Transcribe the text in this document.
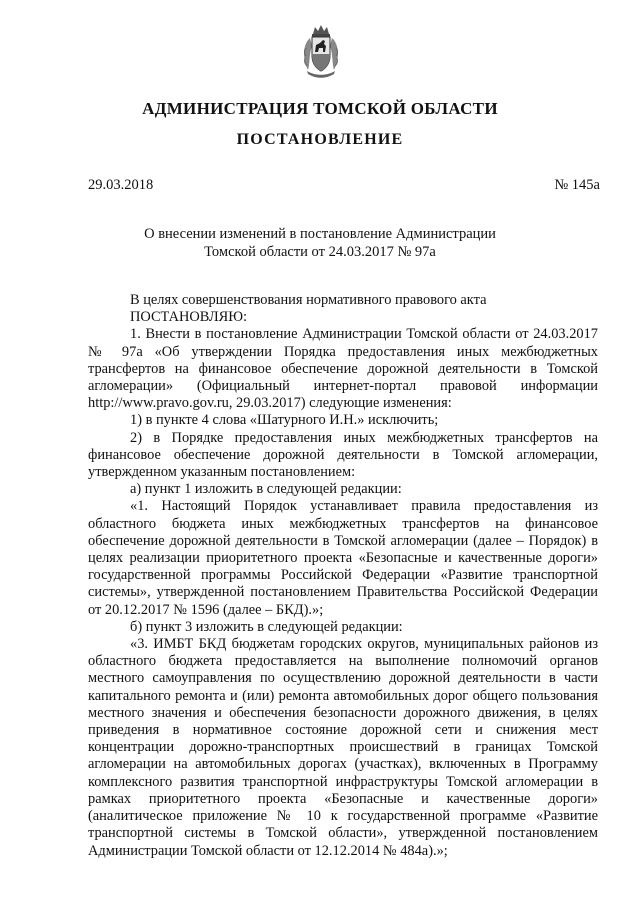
АДМИНИСТРАЦИЯ ТОМСКОЙ ОБЛАСТИ
ПОСТАНОВЛЕНИЕ
29.03.2018	№ 145а
О внесении изменений в постановление Администрации
Томской области от 24.03.2017 № 97а

В целях совершенствования нормативного правового акта

ПОСТАНОВЛЯЮ:

1. Внести в постановление Администрации Томской области от 24.03.2017 № 97а «Об утверждении Порядка предоставления иных межбюджетных трансфертов на финансовое обеспечение дорожной деятельности в Томской агломерации» (Официальный интернет-портал правовой информации http://www.pravo.gov.ru, 29.03.2017) следующие изменения:

1) в пункте 4 слова «Шатурного И.Н.» исключить;

2) в Порядке предоставления иных межбюджетных трансфертов на финансовое обеспечение дорожной деятельности в Томской агломерации, утвержденном указанным постановлением:

а) пункт 1 изложить в следующей редакции:

«1. Настоящий Порядок устанавливает правила предоставления из областного бюджета иных межбюджетных трансфертов на финансовое обеспечение дорожной деятельности в Томской агломерации (далее – Порядок) в целях реализации приоритетного проекта «Безопасные и качественные дороги» государственной программы Российской Федерации «Развитие транспортной системы», утвержденной постановлением Правительства Российской Федерации от 20.12.2017 № 1596 (далее – БКД).»;

б) пункт 3 изложить в следующей редакции:

«3. ИМБТ БКД бюджетам городских округов, муниципальных районов из областного бюджета предоставляется на выполнение полномочий органов местного самоуправления по осуществлению дорожной деятельности в части капитального ремонта и (или) ремонта автомобильных дорог общего пользования местного значения и обеспечения безопасности дорожного движения, в целях приведения в нормативное состояние дорожной сети и снижения мест концентрации дорожно-транспортных происшествий в границах Томской агломерации на автомобильных дорогах (участках), включенных в Программу комплексного развития транспортной инфраструктуры Томской агломерации в рамках приоритетного проекта «Безопасные и качественные дороги» (аналитическое приложение № 10 к государственной программе «Развитие транспортной системы в Томской области», утвержденной постановлением Администрации Томской области от 12.12.2014 № 484а).»;
